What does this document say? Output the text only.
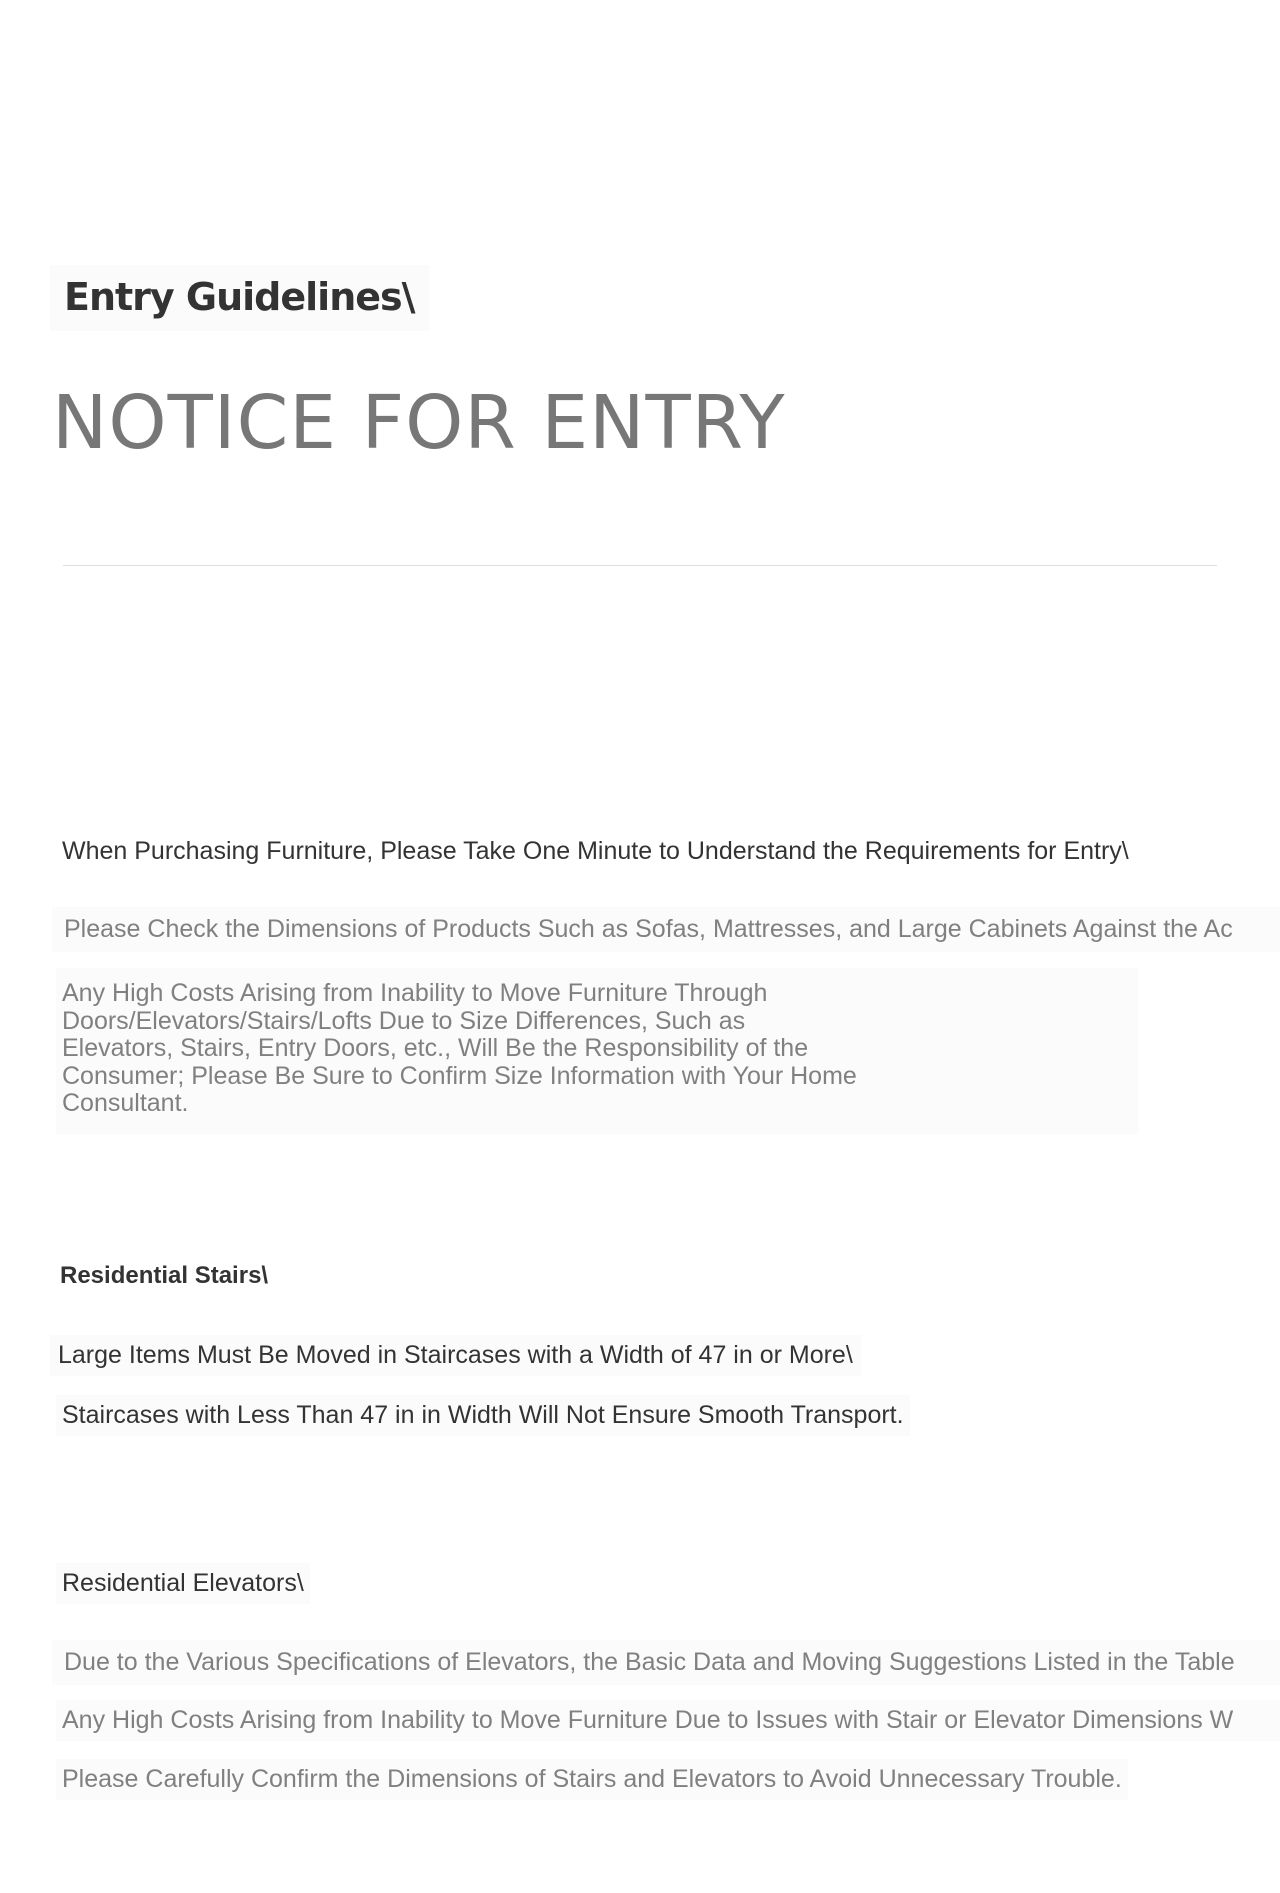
Entry Guidelines\
NOTICE FOR ENTRY
When Purchasing Furniture, Please Take One Minute to Understand the Requirements for Entry\
Please Check the Dimensions of Products Such as Sofas, Mattresses, and Large Cabinets Against the Ac
Any High Costs Arising from Inability to Move Furniture Through Doors/Elevators/Stairs/Lofts Due to Size Differences, Such as Elevators, Stairs, Entry Doors, etc., Will Be the Responsibility of the Consumer; Please Be Sure to Confirm Size Information with Your Home Consultant.
Residential Stairs\
Large Items Must Be Moved in Staircases with a Width of 47 in or More\
Staircases with Less Than 47 in in Width Will Not Ensure Smooth Transport.
Residential Elevators\
Due to the Various Specifications of Elevators, the Basic Data and Moving Suggestions Listed in the Table
Any High Costs Arising from Inability to Move Furniture Due to Issues with Stair or Elevator Dimensions W
Please Carefully Confirm the Dimensions of Stairs and Elevators to Avoid Unnecessary Trouble.
